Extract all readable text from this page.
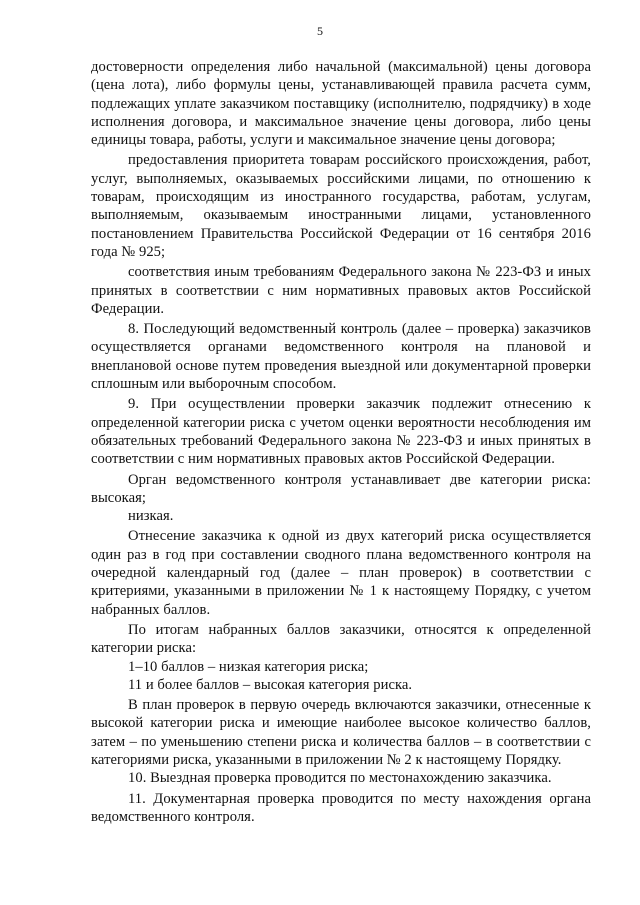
5

достоверности определения либо начальной (максимальной) цены договора (цена лота), либо формулы цены, устанавливающей правила расчета сумм, подлежащих уплате заказчиком поставщику (исполнителю, подрядчику) в ходе исполнения договора, и максимальное значение цены договора, либо цены единицы товара, работы, услуги и максимальное значение цены договора;

предоставления приоритета товарам российского происхождения, работ, услуг, выполняемых, оказываемых российскими лицами, по отношению к товарам, происходящим из иностранного государства, работам, услугам, выполняемым, оказываемым иностранными лицами, установленного постановлением Правительства Российской Федерации от 16 сентября 2016 года № 925;

соответствия иным требованиям Федерального закона № 223-ФЗ и иных принятых в соответствии с ним нормативных правовых актов Российской Федерации.

8. Последующий ведомственный контроль (далее – проверка) заказчиков осуществляется органами ведомственного контроля на плановой и внеплановой основе путем проведения выездной или документарной проверки сплошным или выборочным способом.

9. При осуществлении проверки заказчик подлежит отнесению к определенной категории риска с учетом оценки вероятности несоблюдения им обязательных требований Федерального закона № 223-ФЗ и иных принятых в соответствии с ним нормативных правовых актов Российской Федерации.

Орган ведомственного контроля устанавливает две категории риска: высокая;

низкая.

Отнесение заказчика к одной из двух категорий риска осуществляется один раз в год при составлении сводного плана ведомственного контроля на очередной календарный год (далее – план проверок) в соответствии с критериями, указанными в приложении № 1 к настоящему Порядку, с учетом набранных баллов.

По итогам набранных баллов заказчики, относятся к определенной категории риска:

1–10 баллов – низкая категория риска;

11 и более баллов – высокая категория риска.

В план проверок в первую очередь включаются заказчики, отнесенные к высокой категории риска и имеющие наиболее высокое количество баллов, затем – по уменьшению степени риска и количества баллов – в соответствии с категориями риска, указанными в приложении № 2 к настоящему Порядку.

10. Выездная проверка проводится по местонахождению заказчика.

11. Документарная проверка проводится по месту нахождения органа ведомственного контроля.
